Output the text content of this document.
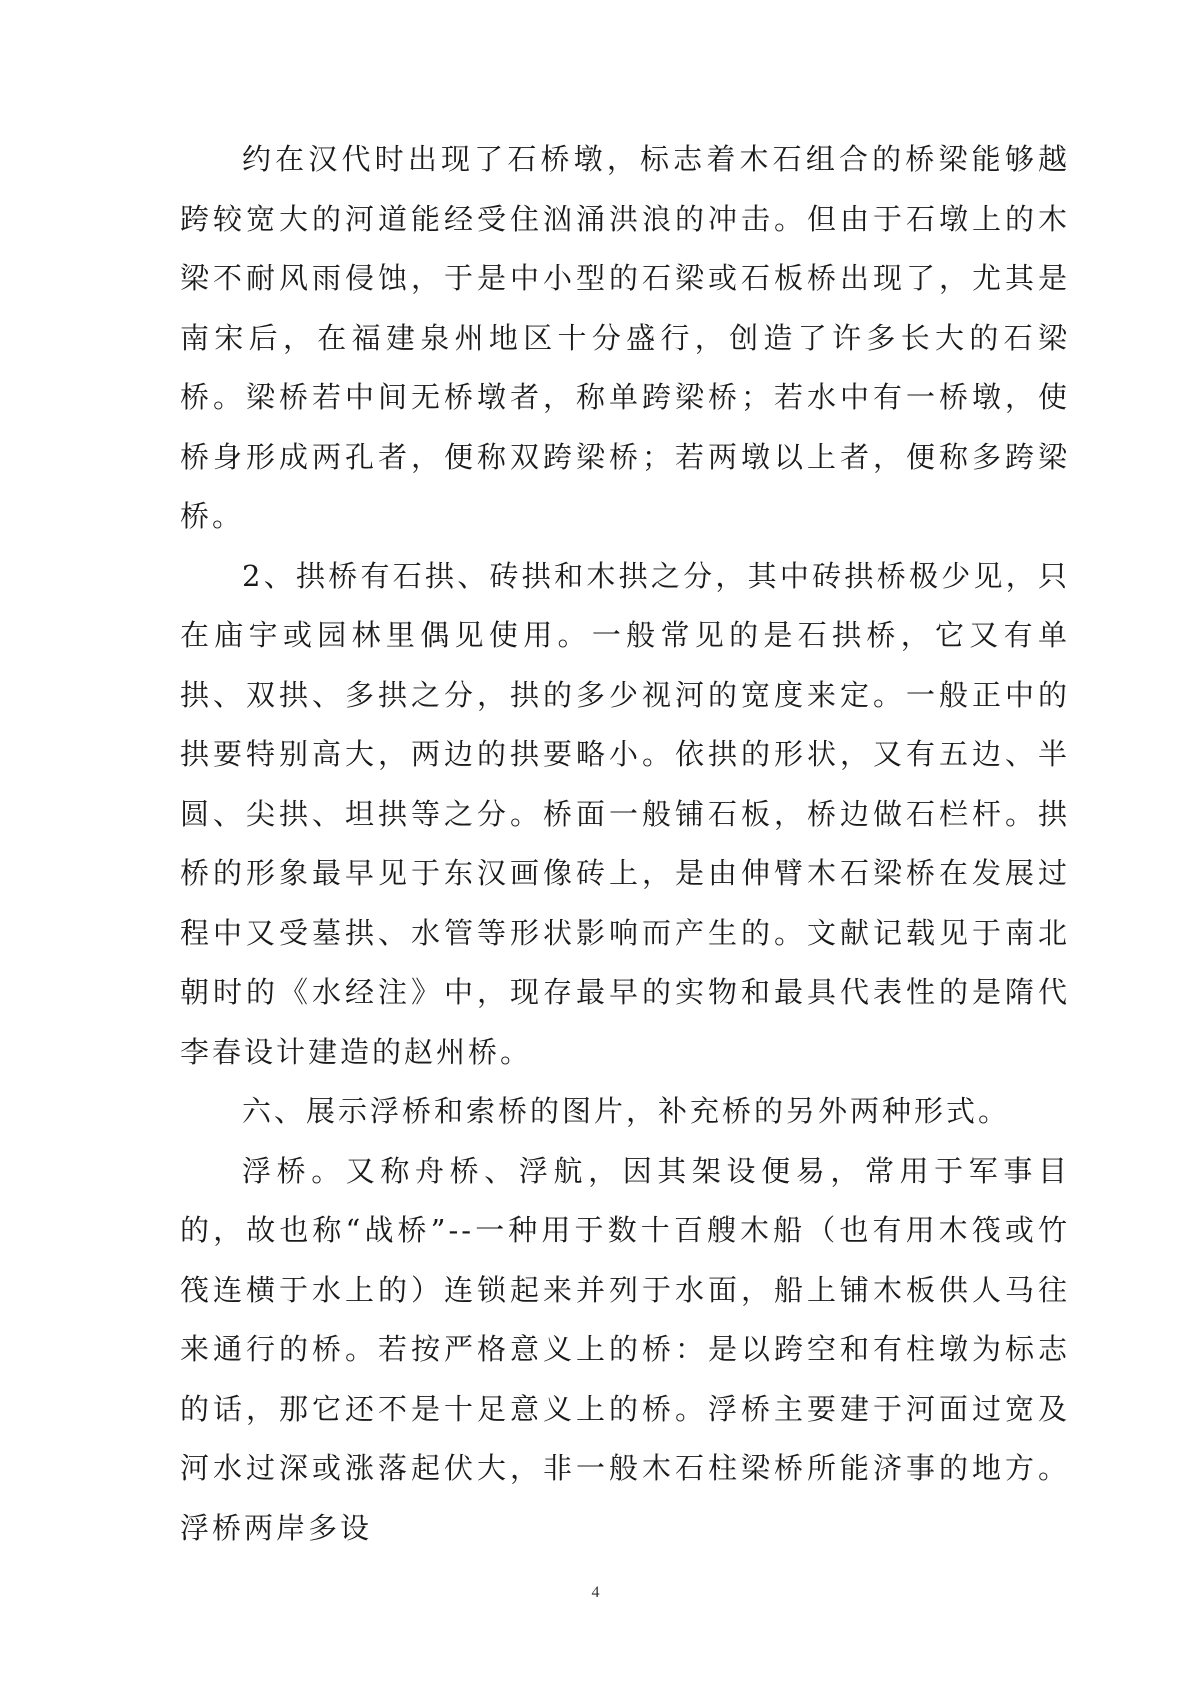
约在汉代时出现了石桥墩，标志着木石组合的桥梁能够越跨较宽大的河道能经受住汹涌洪浪的冲击。但由于石墩上的木梁不耐风雨侵蚀，于是中小型的石梁或石板桥出现了，尤其是南宋后，在福建泉州地区十分盛行，创造了许多长大的石梁桥。梁桥若中间无桥墩者，称单跨梁桥；若水中有一桥墩，使桥身形成两孔者，便称双跨梁桥；若两墩以上者，便称多跨梁桥。

2、拱桥有石拱、砖拱和木拱之分，其中砖拱桥极少见，只在庙宇或园林里偶见使用。一般常见的是石拱桥，它又有单拱、双拱、多拱之分，拱的多少视河的宽度来定。一般正中的拱要特别高大，两边的拱要略小。依拱的形状，又有五边、半圆、尖拱、坦拱等之分。桥面一般铺石板，桥边做石栏杆。拱桥的形象最早见于东汉画像砖上，是由伸臂木石梁桥在发展过程中又受墓拱、水管等形状影响而产生的。文献记载见于南北朝时的《水经注》中，现存最早的实物和最具代表性的是隋代李春设计建造的赵州桥。

六、展示浮桥和索桥的图片，补充桥的另外两种形式。

浮桥。又称舟桥、浮航，因其架设便易，常用于军事目的，故也称“战桥”--一种用于数十百艘木船（也有用木筏或竹筏连横于水上的）连锁起来并列于水面，船上铺木板供人马往来通行的桥。若按严格意义上的桥：是以跨空和有柱墩为标志的话，那它还不是十足意义上的桥。浮桥主要建于河面过宽及河水过深或涨落起伏大，非一般木石柱梁桥所能济事的地方。浮桥两岸多设

4
